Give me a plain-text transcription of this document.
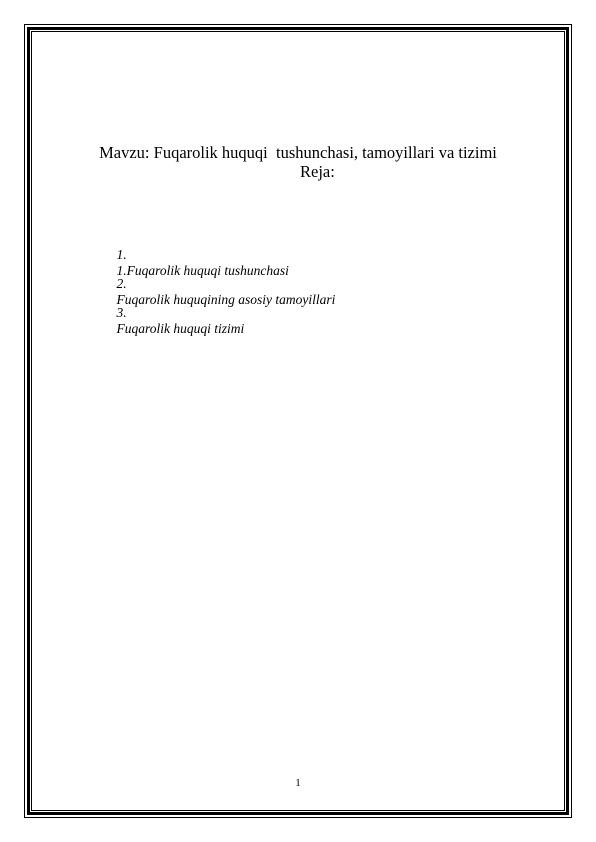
Mavzu: Fuqarolik huquqi  tushunchasi, tamoyillari va tizimi
Reja:

1.
1.Fuqarolik huquqi tushunchasi

2.
Fuqarolik huquqining asosiy tamoyillari

3.
Fuqarolik huquqi tizimi

1
